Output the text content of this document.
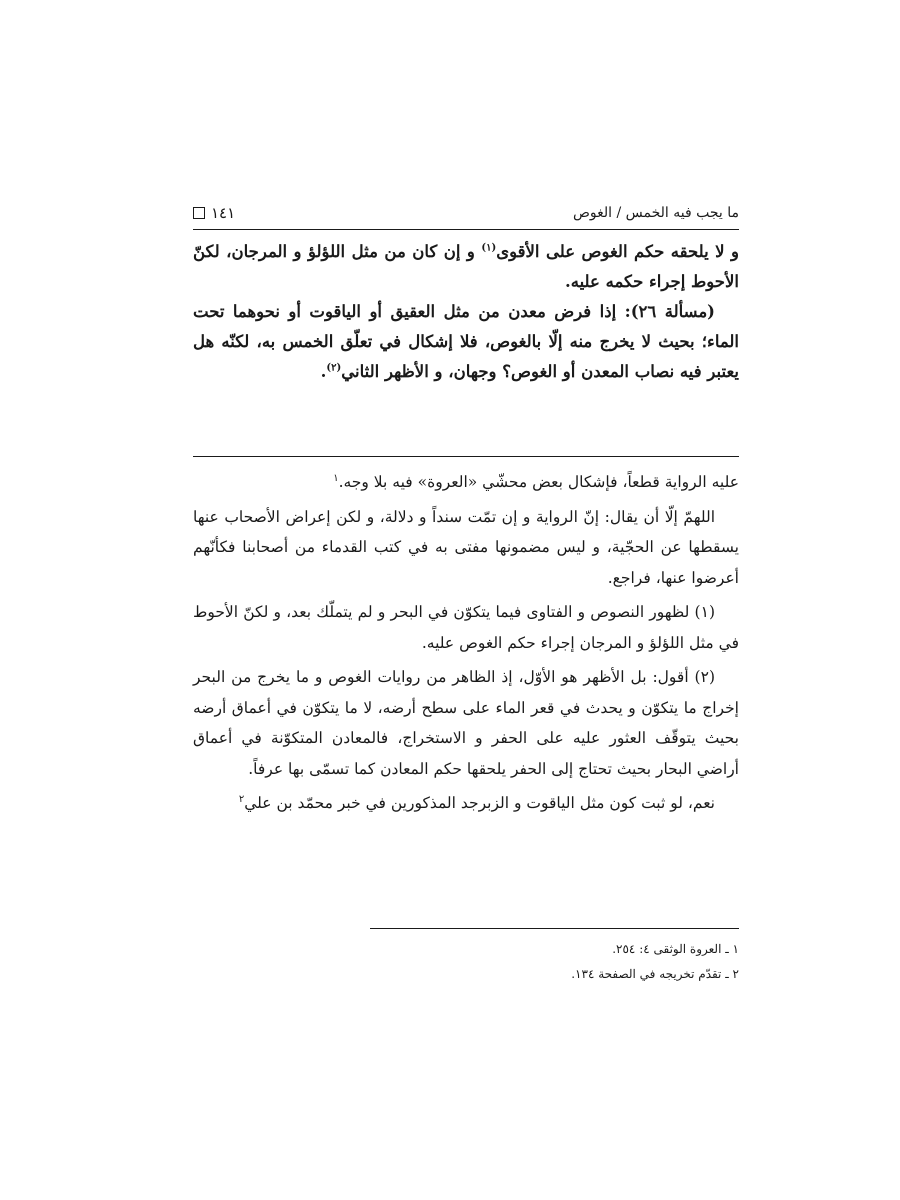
ما يجب فيه الخمس / الغوص
١٤١

و لا يلحقه حكم الغوص على الأقوى$^{(١)}$ و إن كان من مثل اللؤلؤ و المرجان، لكنّ الأحوط إجراء حكمه عليه.

(مسألة ٢٦): إذا فرض معدن من مثل العقيق أو الياقوت أو نحوهما تحت الماء؛ بحيث لا يخرج منه إلّا بالغوص، فلا إشكال في تعلّق الخمس به، لكنّه هل يعتبر فيه نصاب المعدن أو الغوص؟ وجهان، و الأظهر الثاني$^{(٢)}$.

عليه الرواية قطعاً، فإشكال بعض محشّي «العروة» فيه بلا وجه.$^١$

اللهمّ إلّا أن يقال: إنّ الرواية و إن تمّت سنداً و دلالة، و لكن إعراض الأصحاب عنها يسقطها عن الحجّية، و ليس مضمونها مفتى به في كتب القدماء من أصحابنا فكأنّهم أعرضوا عنها، فراجع.

(١) لظهور النصوص و الفتاوى فيما يتكوّن في البحر و لم يتملّك بعد، و لكنّ الأحوط في مثل اللؤلؤ و المرجان إجراء حكم الغوص عليه.

(٢) أقول: بل الأظهر هو الأوّل، إذ الظاهر من روايات الغوص و ما يخرج من البحر إخراج ما يتكوّن و يحدث في قعر الماء على سطح أرضه، لا ما يتكوّن في أعماق أرضه بحيث يتوقّف العثور عليه على الحفر و الاستخراج، فالمعادن المتكوّنة في أعماق أراضي البحار بحيث تحتاج إلى الحفر يلحقها حكم المعادن كما تسمّى بها عرفاً.

نعم، لو ثبت كون مثل الياقوت و الزبرجد المذكورين في خبر محمّد بن علي$^٢$

١ ـ العروة الوثقى ٤: ٢٥٤.

٢ ـ تقدّم تخريجه في الصفحة ١٣٤.
